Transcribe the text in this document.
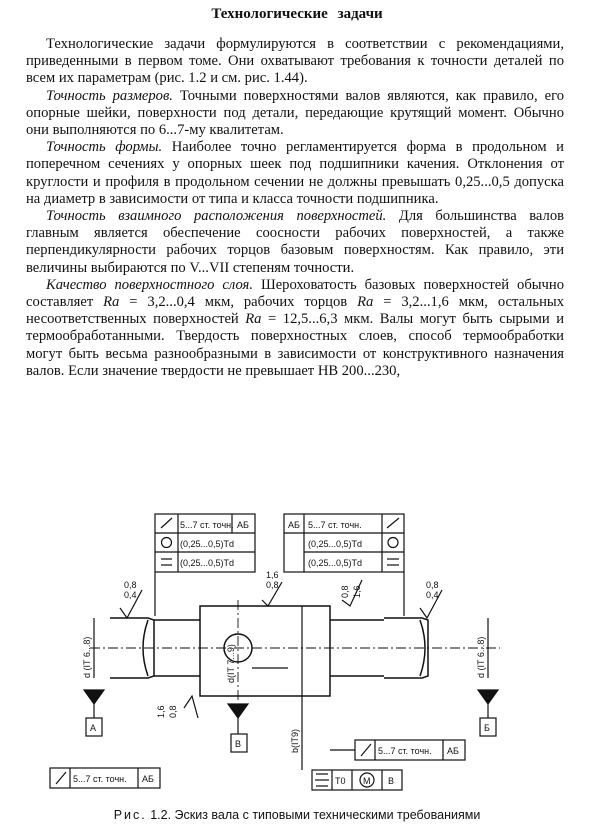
Технологические задачи

Технологические задачи формулируются в соответствии с рекомендациями, приведенными в первом томе. Они охватывают требования к точности деталей по всем их параметрам (рис. 1.2 и см. рис. 1.44).

Точность размеров. Точными поверхностями валов являются, как правило, его опорные шейки, поверхности под детали, передающие крутящий момент. Обычно они выполняются по 6...7-му квалитетам.

Точность формы. Наиболее точно регламентируется форма в продольном и поперечном сечениях у опорных шеек под подшипники качения. Отклонения от круглости и профиля в продольном сечении не должны превышать 0,25...0,5 допуска на диаметр в зависимости от типа и класса точности подшипника.

Точность взаимного расположения поверхностей. Для большинства валов главным является обеспечение соосности рабочих поверхностей, а также перпендикулярности рабочих торцов базовым поверхностям. Как правило, эти величины выбираются по V...VII степеням точности.

Качество поверхностного слоя. Шероховатость базовых поверхностей обычно составляет Ra = 3,2...0,4 мкм, рабочих торцов Ra = 3,2...1,6 мкм, остальных несоответственных поверхностей Ra = 12,5...6,3 мкм. Валы могут быть сырыми и термообработанными. Твердость поверхностных слоев, способ термообработки могут быть весьма разнообразными в зависимости от конструктивного назначения валов. Если значение твердости не превышает НВ 200...230,

5...7 ст. точн. АБ
(0,25...0,5)Td
(0,25...0,5)Td
АБ 5...7 ст. точн.
(0,25...0,5)Td
(0,25...0,5)Td
0,8
0,4
1,6
0,8	0,8
0,4
0,8 1,6
1,6 0,8
d (IT 6...8)	d(IT 7...9)
b(IT9)
d (IT 6...8)
А
В
Б
5...7 ст. точн. АБ
5...7 ст. точн. АБ	Т0 M В
Рис. 1.2. Эскиз вала с типовыми техническими требованиями
